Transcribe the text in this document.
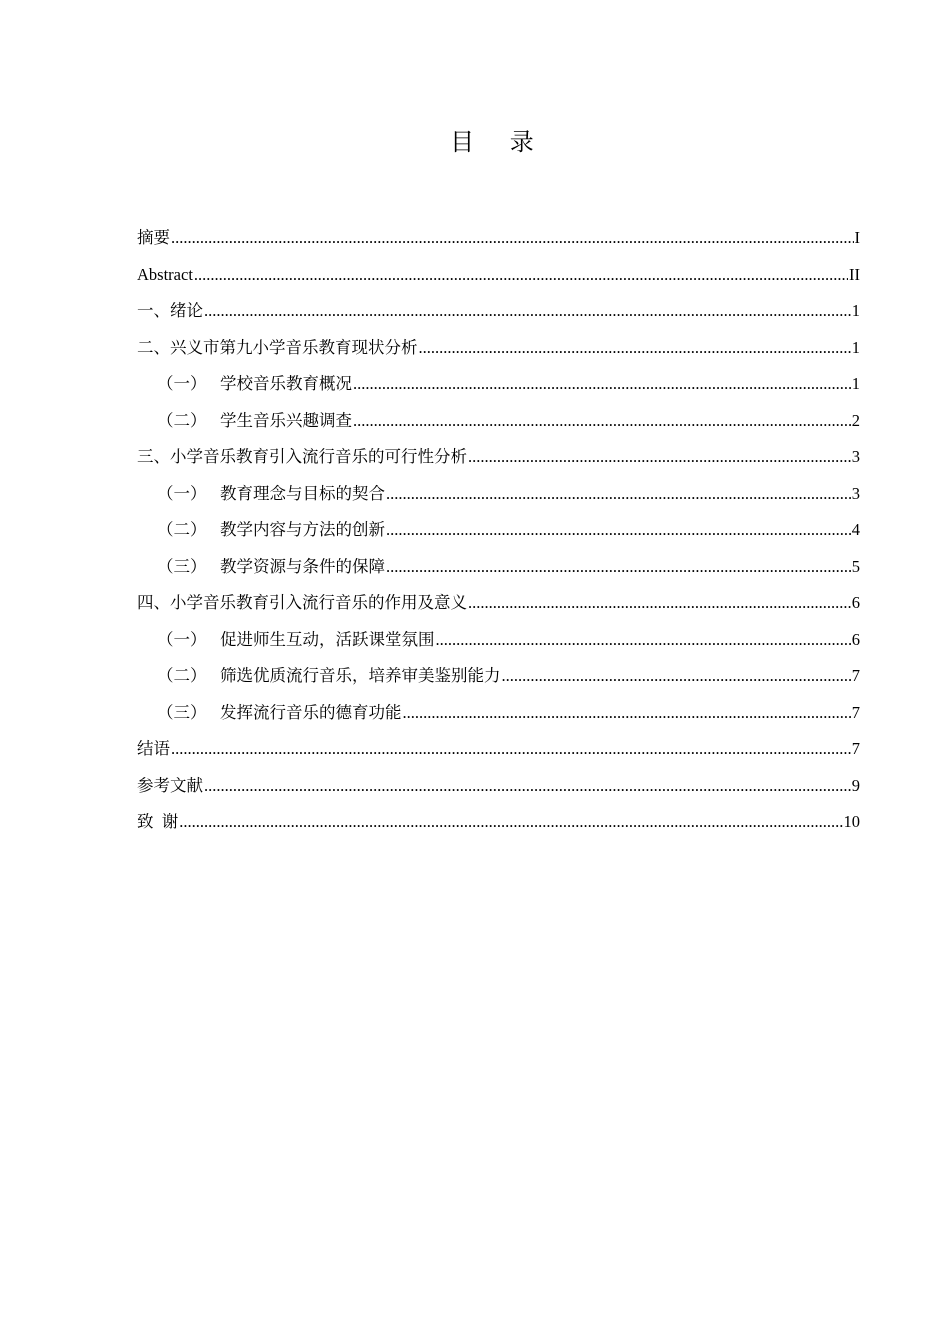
目 录
摘要 .....	I
Abstract .....	II
一、绪论 .....	1
二、兴义市第九小学音乐教育现状分析 .....	1
（一） 学校音乐教育概况 .....	1
（二） 学生音乐兴趣调查 .....	2
三、小学音乐教育引入流行音乐的可行性分析 .....	3
（一） 教育理念与目标的契合 .....	3
（二） 教学内容与方法的创新 .....	4
（三） 教学资源与条件的保障 .....	5
四、小学音乐教育引入流行音乐的作用及意义 .....	6
（一） 促进师生互动，活跃课堂氛围 .....	6
（二） 筛选优质流行音乐，培养审美鉴别能力 .....	7
（三） 发挥流行音乐的德育功能 .....	7
结语 .....	7
参考文献 .....	9
致  谢 .....	10
